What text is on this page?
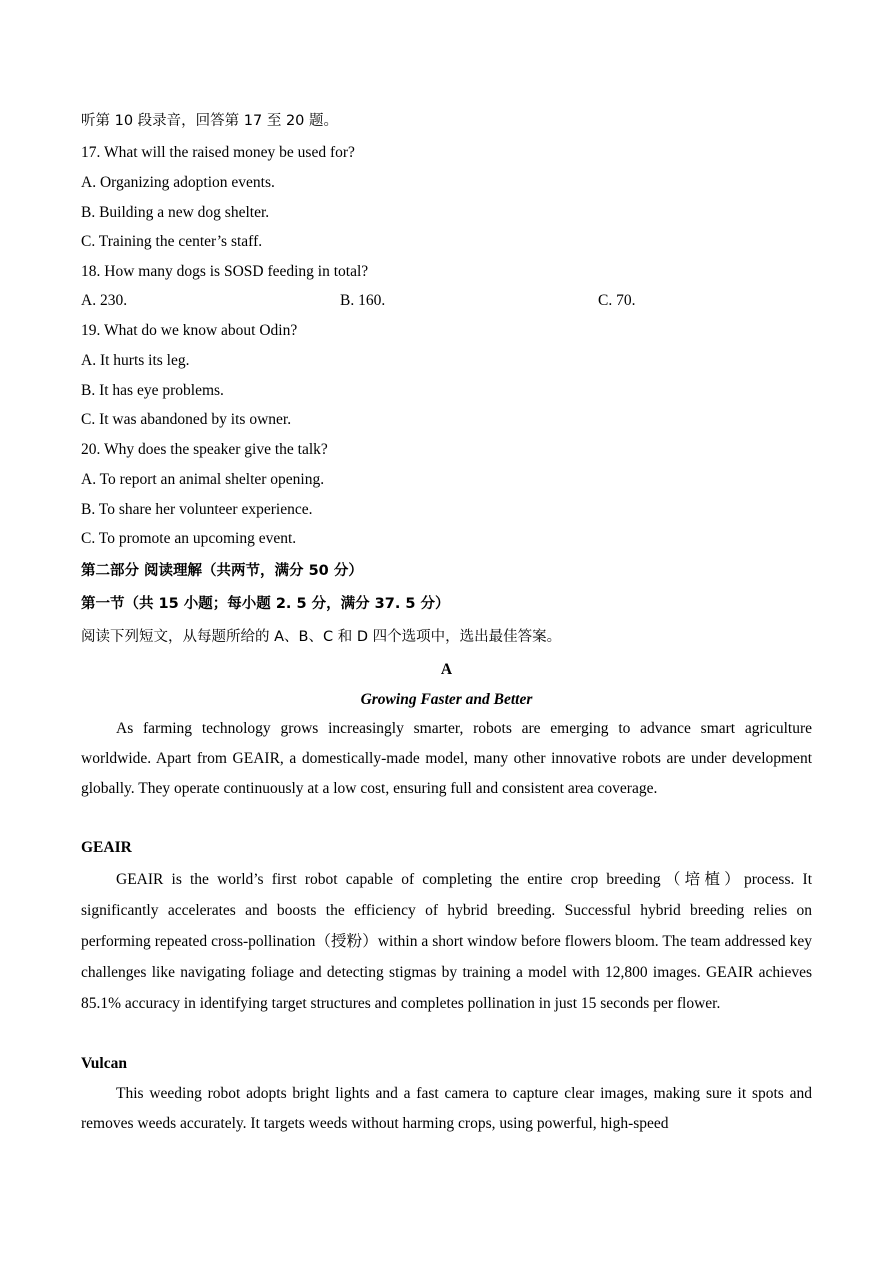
听第 10 段录音，回答第 17 至 20 题。
17. What will the raised money be used for?
A. Organizing adoption events.
B. Building a new dog shelter.
C. Training the center’s staff.
18. How many dogs is SOSD feeding in total?
A. 230.	B. 160.	C. 70.
19. What do we know about Odin?
A. It hurts its leg.
B. It has eye problems.
C. It was abandoned by its owner.
20. Why does the speaker give the talk?
A. To report an animal shelter opening.
B. To share her volunteer experience.
C. To promote an upcoming event.
第二部分 阅读理解（共两节，满分 50 分）
第一节（共 15 小题；每小题 2. 5 分，满分 37. 5 分）
阅读下列短文，从每题所给的 A、B、C 和 D 四个选项中，选出最佳答案。
A
Growing Faster and Better
As farming technology grows increasingly smarter, robots are emerging to advance smart agriculture worldwide. Apart from GEAIR, a domestically-made model, many other innovative robots are under development globally. They operate continuously at a low cost, ensuring full and consistent area coverage.
GEAIR
GEAIR is the world’s first robot capable of completing the entire crop breeding（培植）process. It significantly accelerates and boosts the efficiency of hybrid breeding. Successful hybrid breeding relies on performing repeated cross-pollination（授粉）within a short window before flowers bloom. The team addressed key challenges like navigating foliage and detecting stigmas by training a model with 12,800 images. GEAIR achieves 85.1% accuracy in identifying target structures and completes pollination in just 15 seconds per flower.
Vulcan
This weeding robot adopts bright lights and a fast camera to capture clear images, making sure it spots and removes weeds accurately. It targets weeds without harming crops, using powerful, high-speed
